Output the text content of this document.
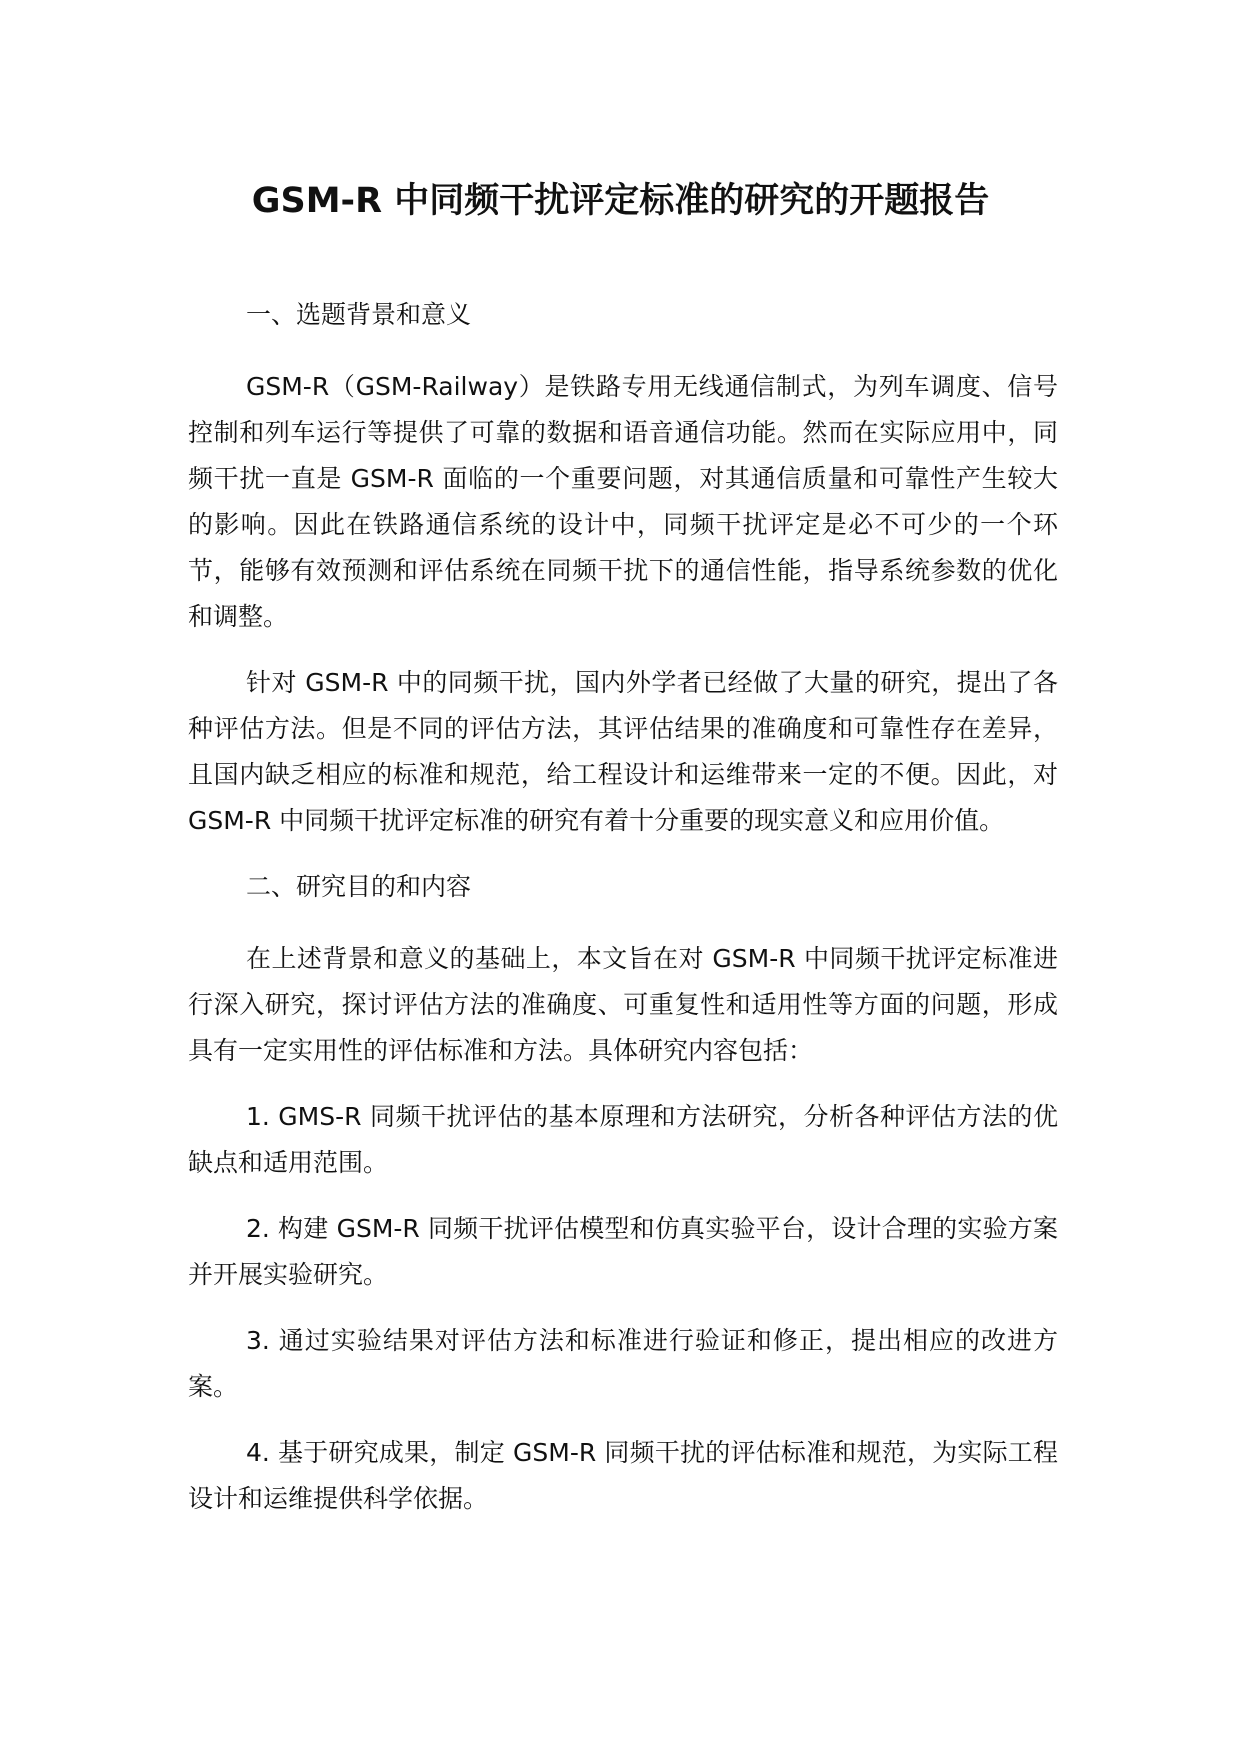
GSM-R 中同频干扰评定标准的研究的开题报告

一、选题背景和意义

GSM-R（GSM-Railway）是铁路专用无线通信制式，为列车调度、信号控制和列车运行等提供了可靠的数据和语音通信功能。然而在实际应用中，同频干扰一直是 GSM-R 面临的一个重要问题，对其通信质量和可靠性产生较大的影响。因此在铁路通信系统的设计中，同频干扰评定是必不可少的一个环节，能够有效预测和评估系统在同频干扰下的通信性能，指导系统参数的优化和调整。

针对 GSM-R 中的同频干扰，国内外学者已经做了大量的研究，提出了各种评估方法。但是不同的评估方法，其评估结果的准确度和可靠性存在差异，且国内缺乏相应的标准和规范，给工程设计和运维带来一定的不便。因此，对 GSM-R 中同频干扰评定标准的研究有着十分重要的现实意义和应用价值。

二、研究目的和内容

在上述背景和意义的基础上，本文旨在对 GSM-R 中同频干扰评定标准进行深入研究，探讨评估方法的准确度、可重复性和适用性等方面的问题，形成具有一定实用性的评估标准和方法。具体研究内容包括：

1. GMS-R 同频干扰评估的基本原理和方法研究，分析各种评估方法的优缺点和适用范围。

2. 构建 GSM-R 同频干扰评估模型和仿真实验平台，设计合理的实验方案并开展实验研究。

3. 通过实验结果对评估方法和标准进行验证和修正，提出相应的改进方案。

4. 基于研究成果，制定 GSM-R 同频干扰的评估标准和规范，为实际工程设计和运维提供科学依据。
